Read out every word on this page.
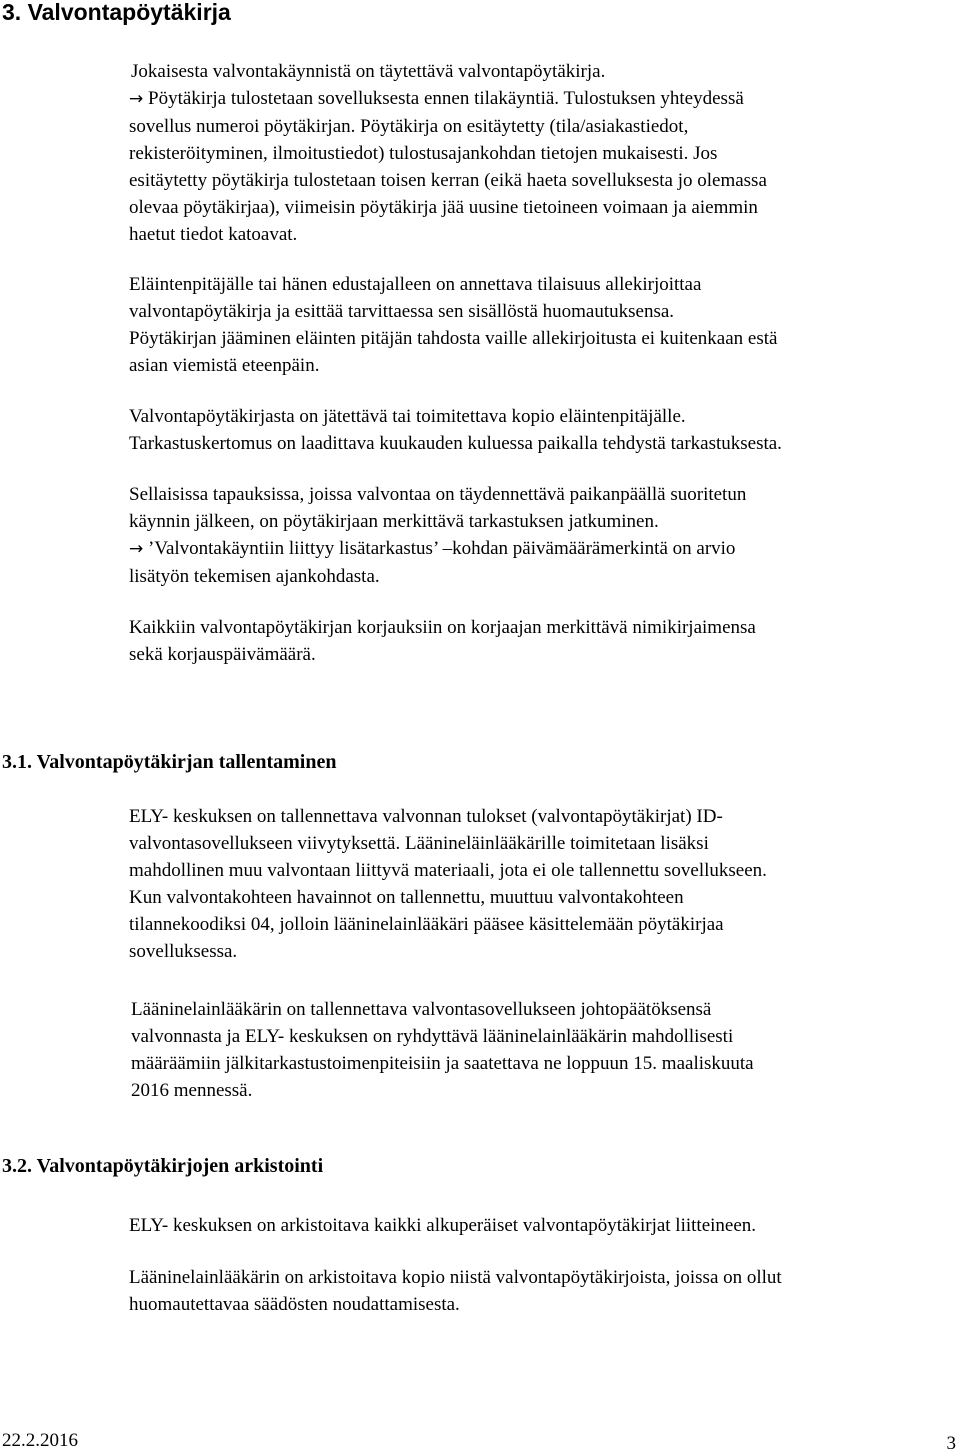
3. Valvontapöytäkirja
Jokaisesta valvontakäynnistä on täytettävä valvontapöytäkirja.
→ Pöytäkirja tulostetaan sovelluksesta ennen tilakäyntiä. Tulostuksen yhteydessä
sovellus numeroi pöytäkirjan. Pöytäkirja on esitäytetty (tila/asiakastiedot,
rekisteröityminen, ilmoitustiedot) tulostusajankohdan tietojen mukaisesti. Jos
esitäytetty pöytäkirja tulostetaan toisen kerran (eikä haeta sovelluksesta jo olemassa
olevaa pöytäkirjaa), viimeisin pöytäkirja jää uusine tietoineen voimaan ja aiemmin
haetut tiedot katoavat.
Eläintenpitäjälle tai hänen edustajalleen on annettava tilaisuus allekirjoittaa
valvontapöytäkirja ja esittää tarvittaessa sen sisällöstä huomautuksensa.
Pöytäkirjan jääminen eläinten pitäjän tahdosta vaille allekirjoitusta ei kuitenkaan estä
asian viemistä eteenpäin.
Valvontapöytäkirjasta on jätettävä tai toimitettava kopio eläintenpitäjälle.
Tarkastuskertomus on laadittava kuukauden kuluessa paikalla tehdystä tarkastuksesta.
Sellaisissa tapauksissa, joissa valvontaa on täydennettävä paikanpäällä suoritetun
käynnin jälkeen, on pöytäkirjaan merkittävä tarkastuksen jatkuminen.
→ ’Valvontakäyntiin liittyy lisätarkastus’ –kohdan päivämäärämerkintä on arvio
lisätyön tekemisen ajankohdasta.
Kaikkiin valvontapöytäkirjan korjauksiin on korjaajan merkittävä nimikirjaimensa
sekä korjauspäivämäärä.
3.1. Valvontapöytäkirjan tallentaminen
ELY- keskuksen on tallennettava valvonnan tulokset (valvontapöytäkirjat) ID-
valvontasovellukseen viivytyksettä. Läänineläinlääkärille toimitetaan lisäksi
mahdollinen muu valvontaan liittyvä materiaali, jota ei ole tallennettu sovellukseen.
Kun valvontakohteen havainnot on tallennettu, muuttuu valvontakohteen
tilannekoodiksi 04, jolloin lääninelainlääkäri pääsee käsittelemään pöytäkirjaa
sovelluksessa.
Lääninelainlääkärin on tallennettava valvontasovellukseen johtopäätöksensä
valvonnasta ja ELY- keskuksen on ryhdyttävä lääninelainlääkärin mahdollisesti
määräämiin jälkitarkastustoimenpiteisiin ja saatettava ne loppuun 15. maaliskuuta
2016 mennessä.
3.2. Valvontapöytäkirjojen arkistointi
ELY- keskuksen on arkistoitava kaikki alkuperäiset valvontapöytäkirjat liitteineen.
Lääninelainlääkärin on arkistoitava kopio niistä valvontapöytäkirjoista, joissa on ollut
huomautettavaa säädösten noudattamisesta.
22.2.2016	3
